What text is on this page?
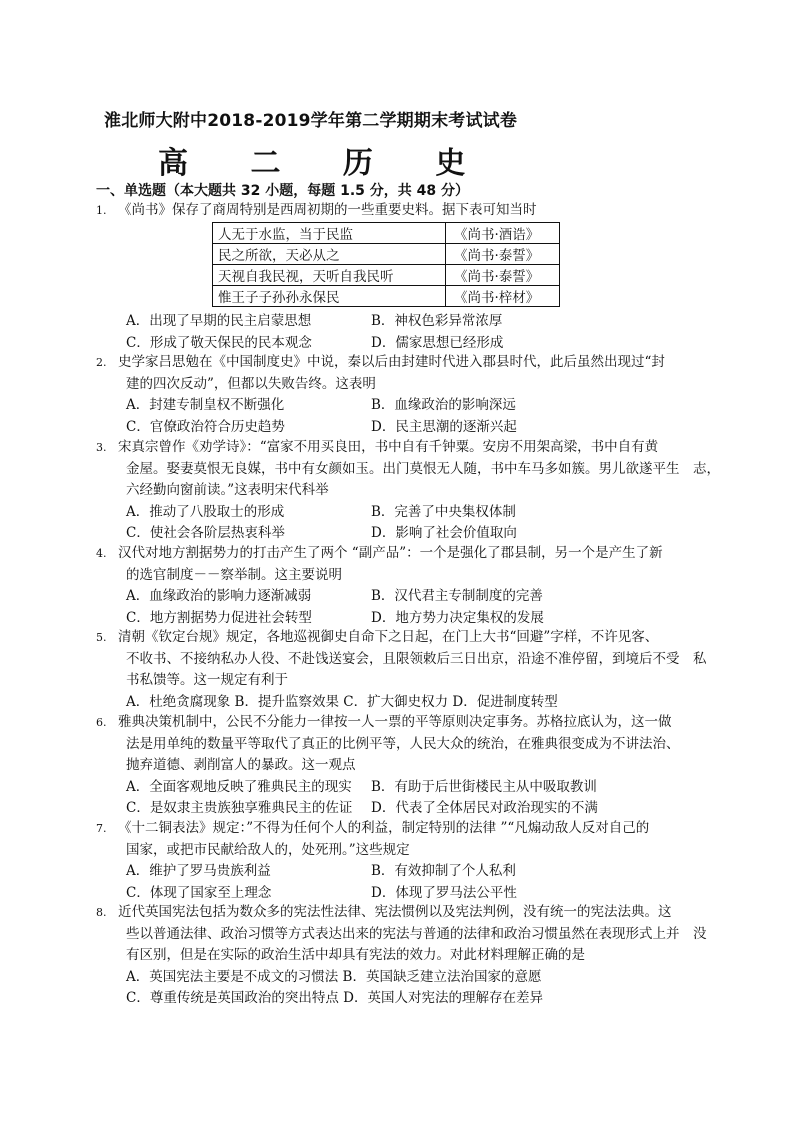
淮北师大附中2018-2019学年第二学期期末考试试卷
高 二 历 史
一、单选题（本大题共 32 小题，每题 1.5 分，共 48 分）
1. 《尚书》保存了商周特别是西周初期的一些重要史料。据下表可知当时
人无于水监，当于民监	《尚书·酒诰》
民之所欲，天必从之	《尚书·泰誓》
天视自我民视，天听自我民听	《尚书·泰誓》
惟王子子孙孙永保民	《尚书·梓材》
A．出现了早期的民主启蒙思想	B．神权色彩异常浓厚
C．形成了敬天保民的民本观念	D．儒家思想已经形成
2. 史学家吕思勉在《中国制度史》中说，秦以后由封建时代进入郡县时代，此后虽然出现过“封
建的四次反动”，但都以失败告终。这表明
A．封建专制皇权不断强化	B．血缘政治的影响深远
C．官僚政治符合历史趋势	D．民主思潮的逐渐兴起
3. 宋真宗曾作《劝学诗》：“富家不用买良田，书中自有千钟粟。安房不用架高梁，书中自有黄
金屋。娶妻莫恨无良媒，书中有女颜如玉。出门莫恨无人随，书中车马多如簇。男儿欲遂平生　志，
六经勤向窗前读。”这表明宋代科举
A．推动了八股取士的形成	B．完善了中央集权体制
C．使社会各阶层热衷科举	D．影响了社会价值取向
4. 汉代对地方割据势力的打击产生了两个 “副产品”：一个是强化了郡县制，另一个是产生了新
的选官制度－－察举制。这主要说明
A．血缘政治的影响力逐渐减弱	B．汉代君主专制制度的完善
C．地方割据势力促进社会转型	D．地方势力决定集权的发展
5. 清朝《钦定台规》规定，各地巡视御史自命下之日起，在门上大书“回避”字样，不许见客、
不收书、不接纳私办人役、不赴饯送宴会，且限领敕后三日出京，沿途不准停留，到境后不受　私
书私馈等。这一规定有利于
A．杜绝贪腐现象 B．提升监察效果 C．扩大御史权力 D．促进制度转型
6. 雅典决策机制中，公民不分能力一律按一人一票的平等原则决定事务。苏格拉底认为，这一做
法是用单纯的数量平等取代了真正的比例平等，人民大众的统治，在雅典很变成为不讲法治、
抛弃道德、剥削富人的暴政。这一观点
A．全面客观地反映了雅典民主的现实	B．有助于后世街楼民主从中吸取教训
C．是奴隶主贵族独享雅典民主的佐证	D．代表了全体居民对政治现实的不满
7. 《十二铜表法》规定：”不得为任何个人的利益，制定特别的法律 ”“凡煽动敌人反对自己的
国家，或把市民献给敌人的，处死刑。”这些规定
A．维护了罗马贵族利益	B．有效抑制了个人私利
C．体现了国家至上理念	D．体现了罗马法公平性
8. 近代英国宪法包括为数众多的宪法性法律、宪法惯例以及宪法判例，没有统一的宪法法典。这
些以普通法律、政治习惯等方式表达出来的宪法与普通的法律和政治习惯虽然在表现形式上并　没
有区别，但是在实际的政治生活中却具有宪法的效力。对此材料理解正确的是
A．英国宪法主要是不成文的习惯法 B．英国缺乏建立法治国家的意愿
C．尊重传统是英国政治的突出特点 D．英国人对宪法的理解存在差异
